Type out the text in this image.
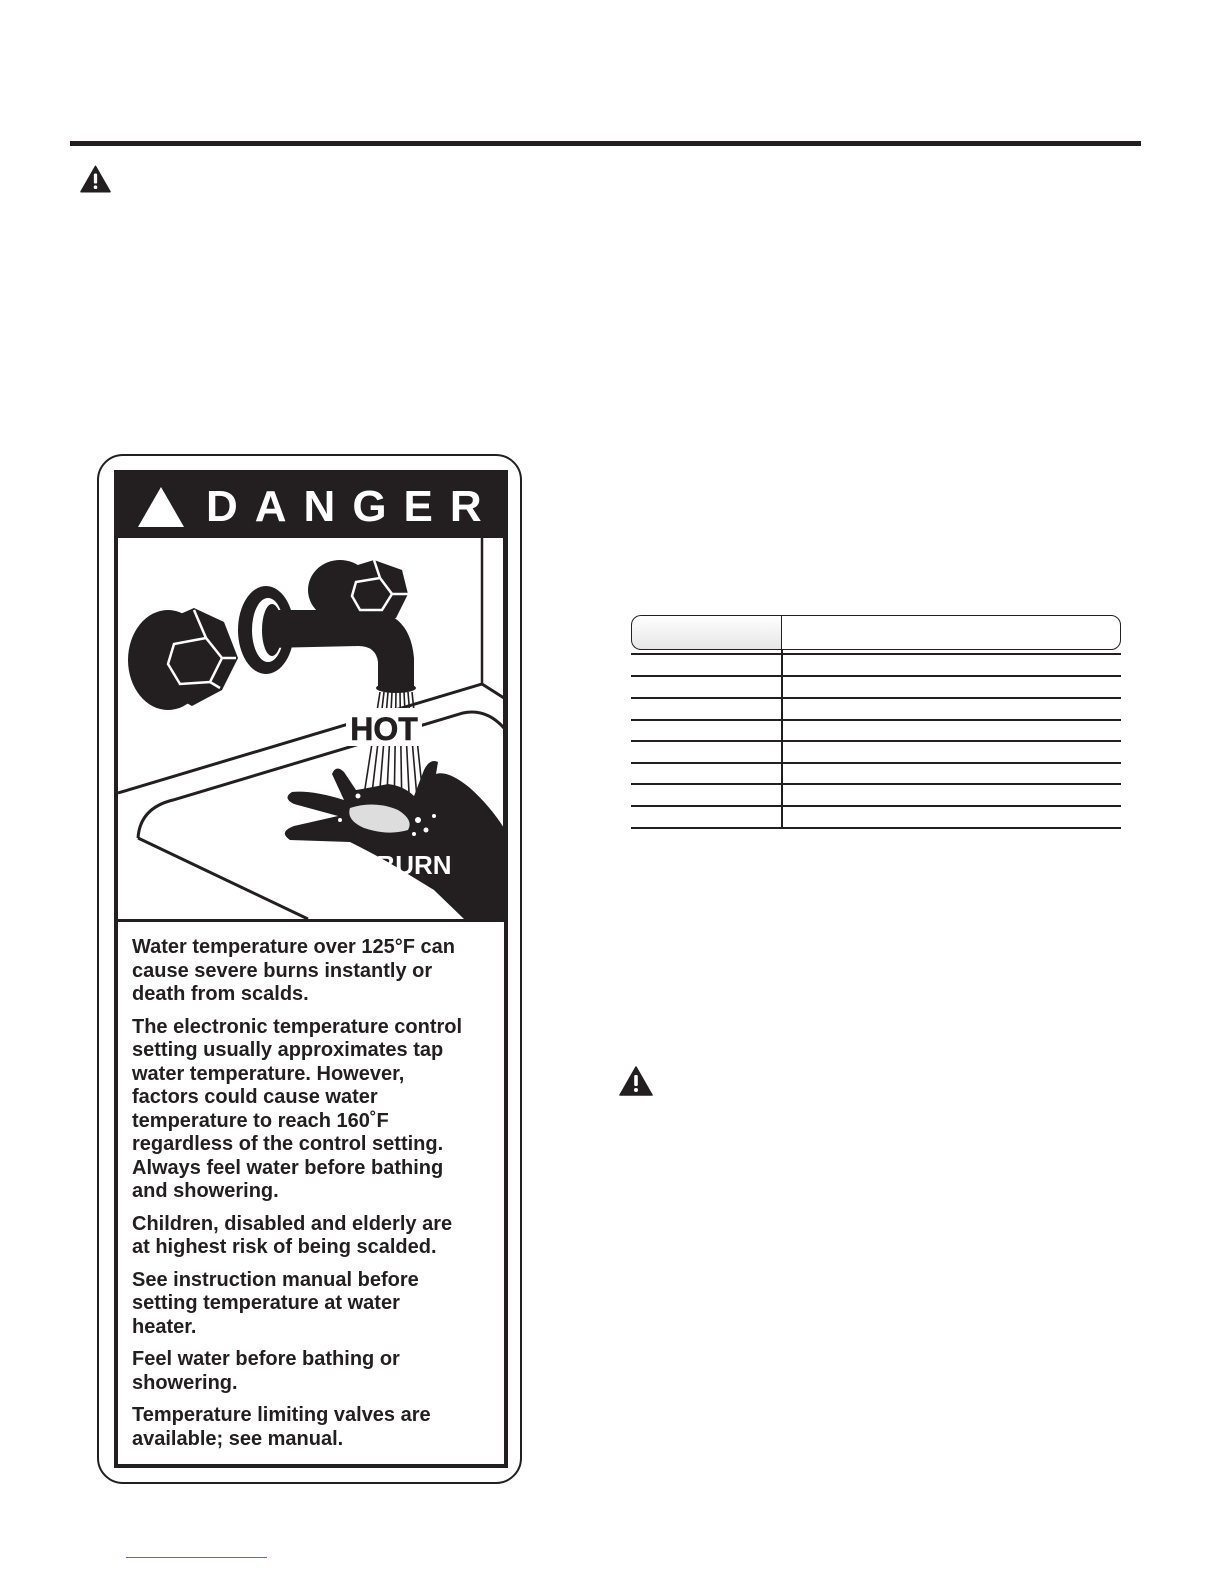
DANGER
HOT
BURN

Water temperature over 125°F can
cause severe burns instantly or
death from scalds.

The electronic temperature control
setting usually approximates tap
water temperature. However,
factors could cause water
temperature to reach 160˚F
regardless of the control setting.
Always feel water before bathing
and showering.

Children, disabled and elderly are
at highest risk of being scalded.

See instruction manual before
setting temperature at water
heater.

Feel water before bathing or
showering.

Temperature limiting valves are
available; see manual.
